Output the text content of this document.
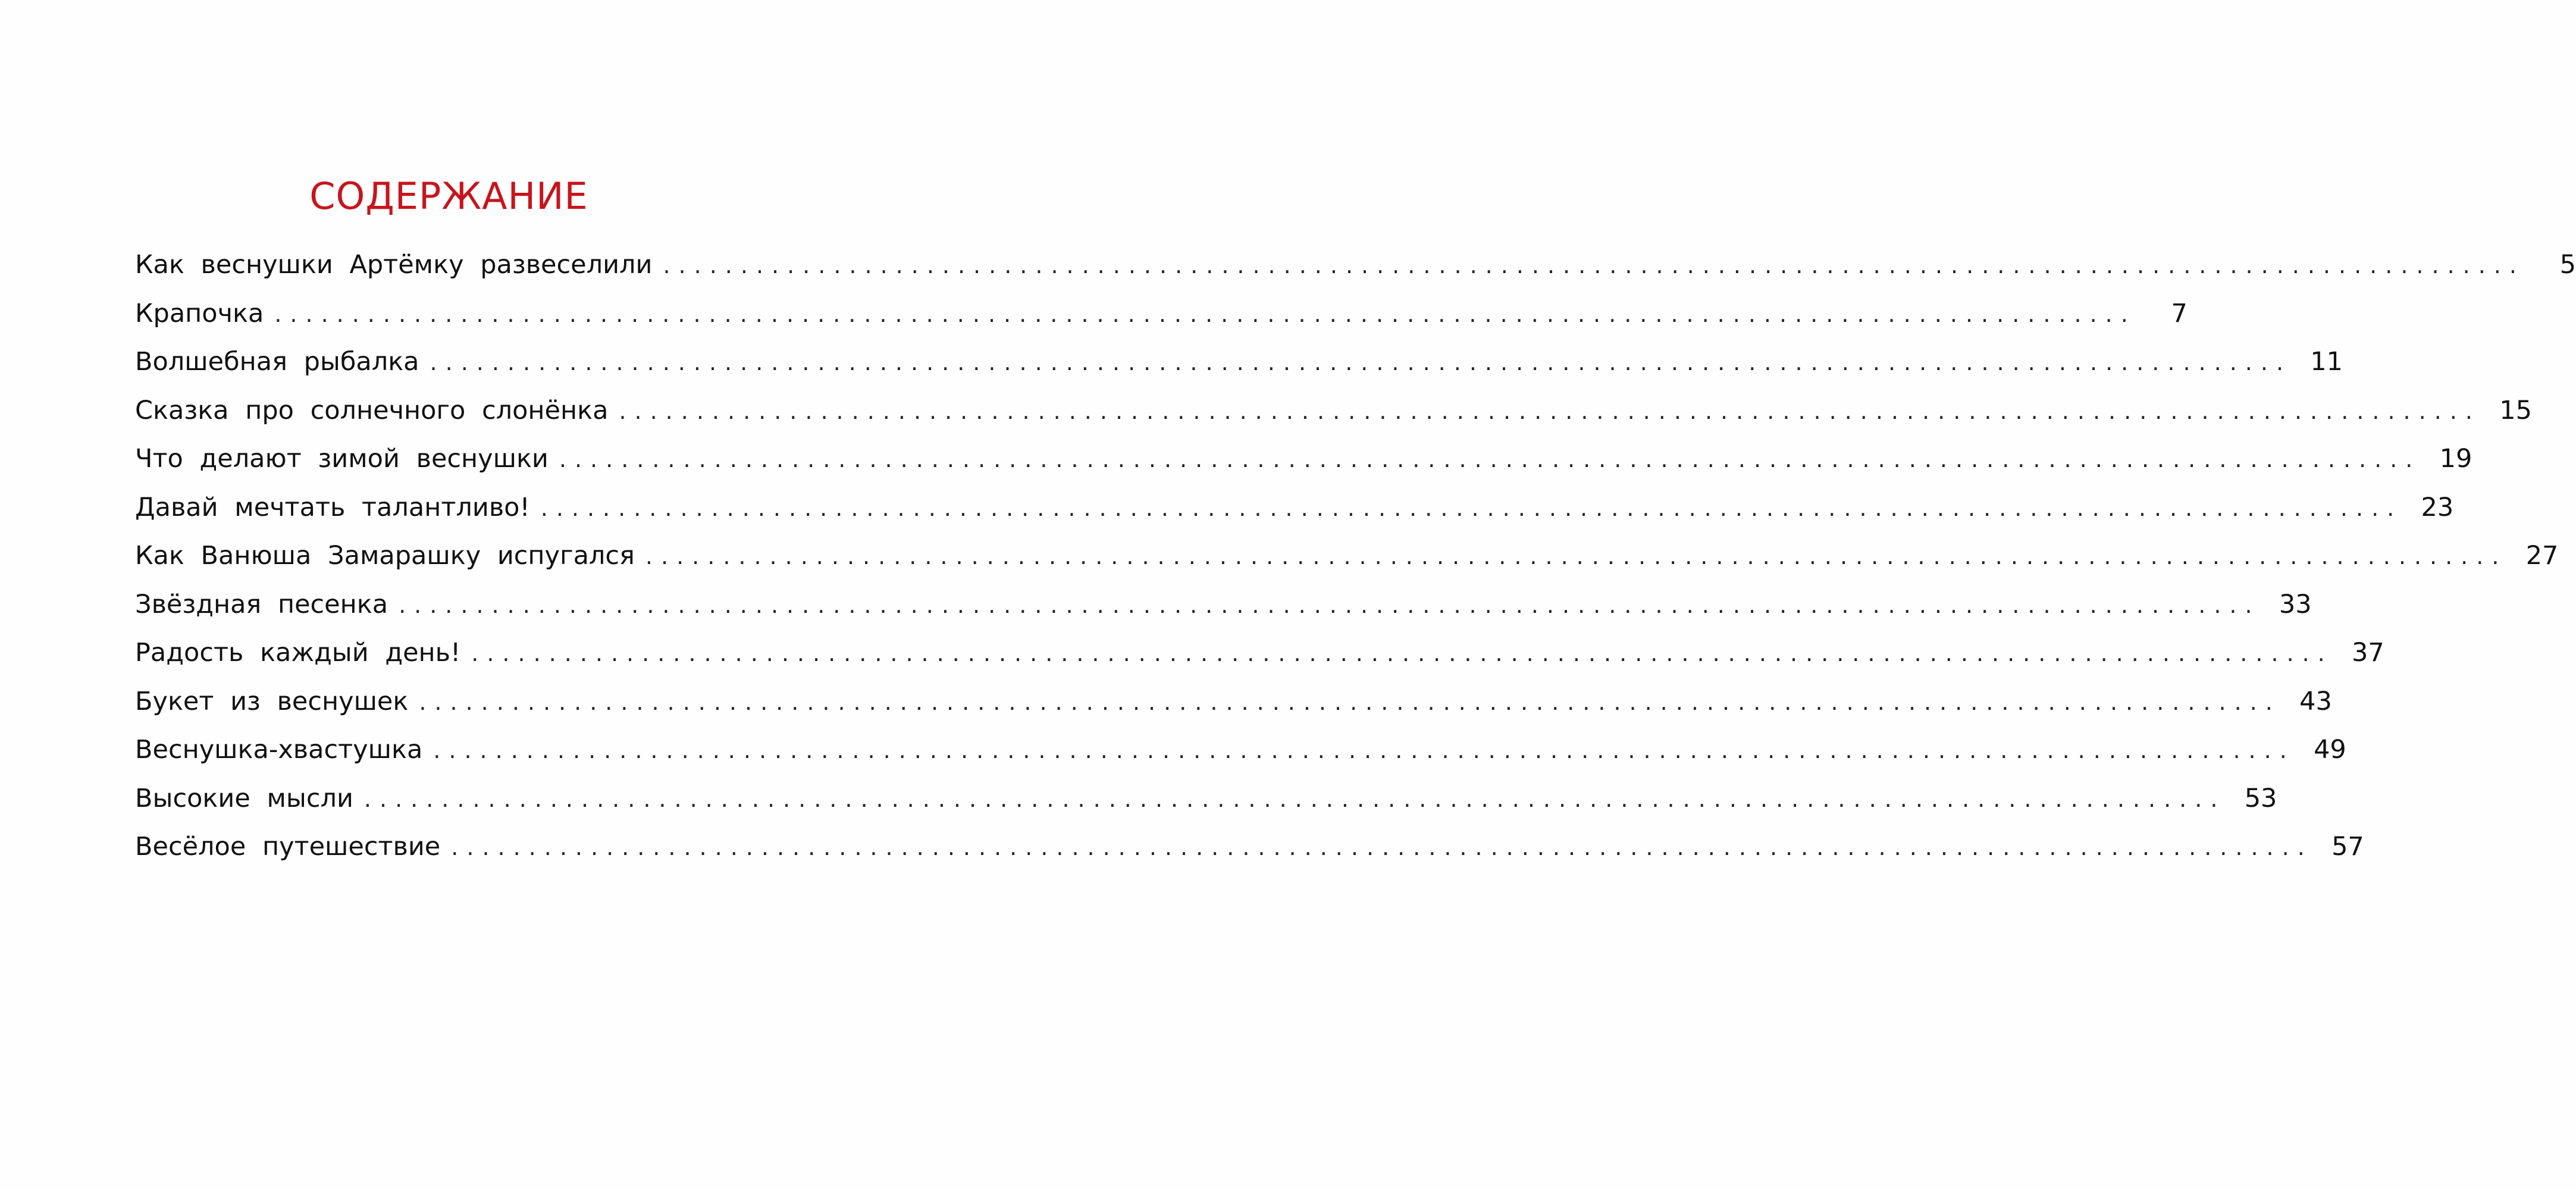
СОДЕРЖАНИЕ
Как веснушки Артёмку развеселили ........................................................................................................................	5
Крапочка ........................................................................................................................	7
Волшебная рыбалка ........................................................................................................................ 11
Сказка про солнечного слонёнка ........................................................................................................................ 15
Что делают зимой веснушки ........................................................................................................................ 19
Давай мечтать талантливо! ........................................................................................................................ 23
Как Ванюша Замарашку испугался ........................................................................................................................ 27
Звёздная песенка ........................................................................................................................ 33
Радость каждый день! ........................................................................................................................ 37
Букет из веснушек ........................................................................................................................ 43
Веснушка-хвастушка ........................................................................................................................ 49
Высокие мысли ........................................................................................................................ 53
Весёлое путешествие ........................................................................................................................ 57
